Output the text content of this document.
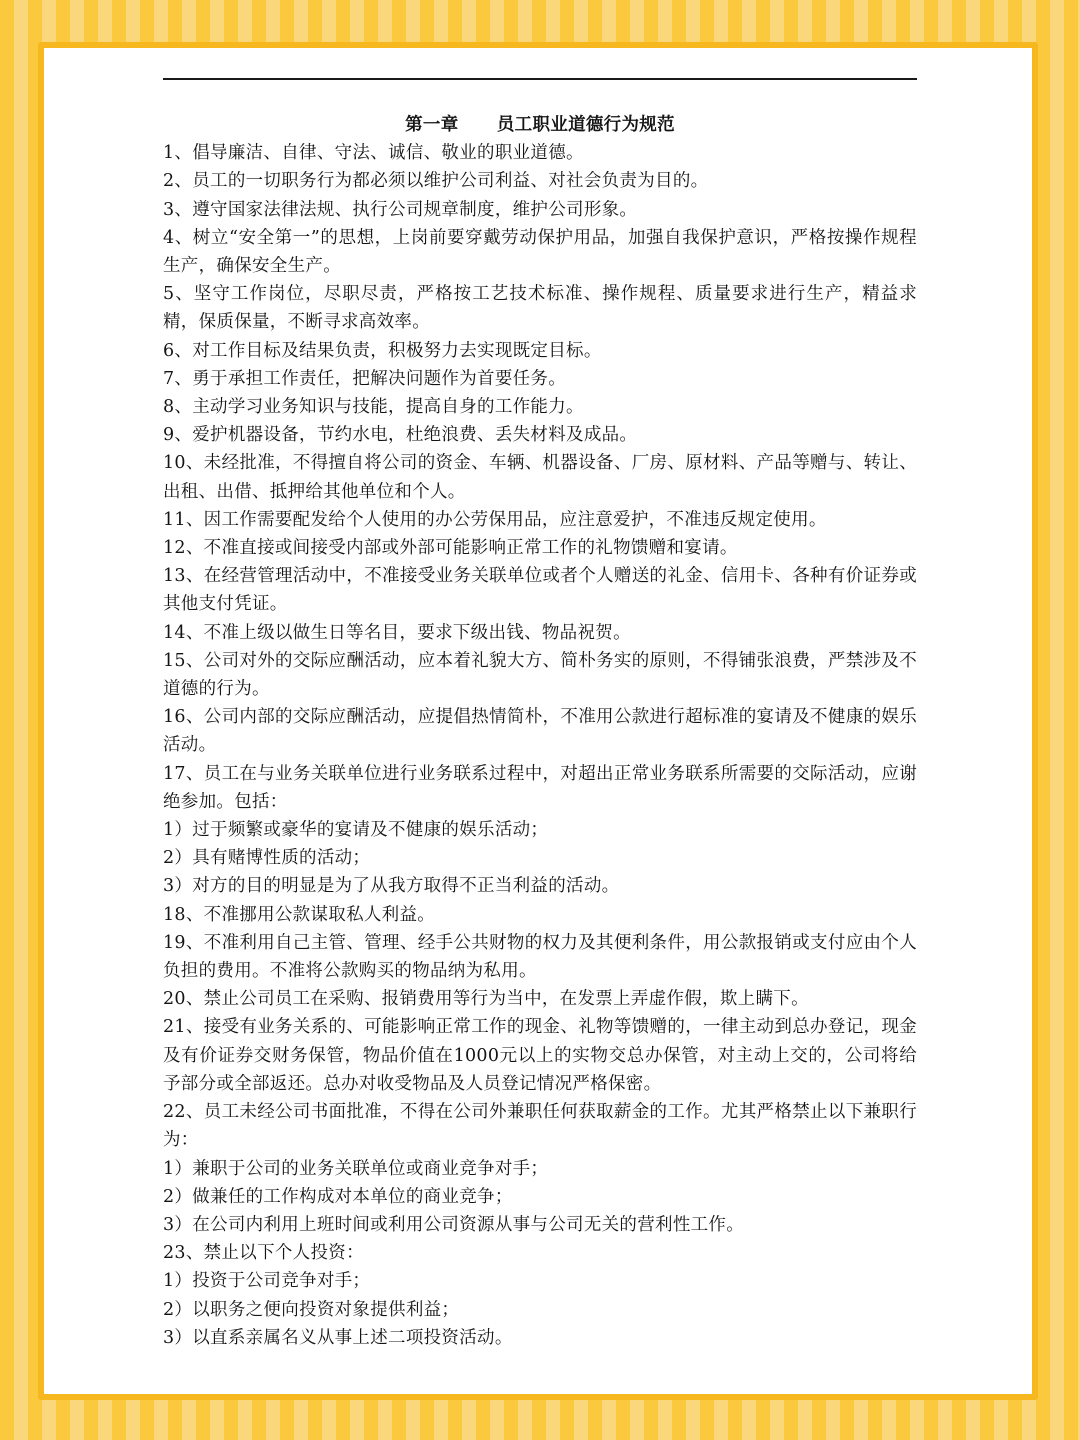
第一章 员工职业道德行为规范

1、倡导廉洁、自律、守法、诚信、敬业的职业道德。

2、员工的一切职务行为都必须以维护公司利益、对社会负责为目的。

3、遵守国家法律法规、执行公司规章制度，维护公司形象。

4、树立“安全第一”的思想，上岗前要穿戴劳动保护用品，加强自我保护意识，严格按操作规程生产，确保安全生产。

5、坚守工作岗位，尽职尽责，严格按工艺技术标准、操作规程、质量要求进行生产，精益求精，保质保量，不断寻求高效率。

6、对工作目标及结果负责，积极努力去实现既定目标。

7、勇于承担工作责任，把解决问题作为首要任务。

8、主动学习业务知识与技能，提高自身的工作能力。

9、爱护机器设备，节约水电，杜绝浪费、丢失材料及成品。

10、未经批准，不得擅自将公司的资金、车辆、机器设备、厂房、原材料、产品等赠与、转让、出租、出借、抵押给其他单位和个人。

11、因工作需要配发给个人使用的办公劳保用品，应注意爱护，不准违反规定使用。

12、不准直接或间接受内部或外部可能影响正常工作的礼物馈赠和宴请。

13、在经营管理活动中，不准接受业务关联单位或者个人赠送的礼金、信用卡、各种有价证券或其他支付凭证。

14、不准上级以做生日等名目，要求下级出钱、物品祝贺。

15、公司对外的交际应酬活动，应本着礼貌大方、简朴务实的原则，不得铺张浪费，严禁涉及不道德的行为。

16、公司内部的交际应酬活动，应提倡热情简朴，不准用公款进行超标准的宴请及不健康的娱乐活动。

17、员工在与业务关联单位进行业务联系过程中，对超出正常业务联系所需要的交际活动，应谢绝参加。包括：

1）过于频繁或豪华的宴请及不健康的娱乐活动；

2）具有赌博性质的活动；

3）对方的目的明显是为了从我方取得不正当利益的活动。

18、不准挪用公款谋取私人利益。

19、不准利用自己主管、管理、经手公共财物的权力及其便利条件，用公款报销或支付应由个人负担的费用。不准将公款购买的物品纳为私用。

20、禁止公司员工在采购、报销费用等行为当中，在发票上弄虚作假，欺上瞒下。

21、接受有业务关系的、可能影响正常工作的现金、礼物等馈赠的，一律主动到总办登记，现金及有价证券交财务保管，物品价值在1000元以上的实物交总办保管，对主动上交的，公司将给予部分或全部返还。总办对收受物品及人员登记情况严格保密。

22、员工未经公司书面批准，不得在公司外兼职任何获取薪金的工作。尤其严格禁止以下兼职行为：

1）兼职于公司的业务关联单位或商业竞争对手；

2）做兼任的工作构成对本单位的商业竞争；

3）在公司内利用上班时间或利用公司资源从事与公司无关的营利性工作。

23、禁止以下个人投资：

1）投资于公司竞争对手；

2）以职务之便向投资对象提供利益；

3）以直系亲属名义从事上述二项投资活动。
